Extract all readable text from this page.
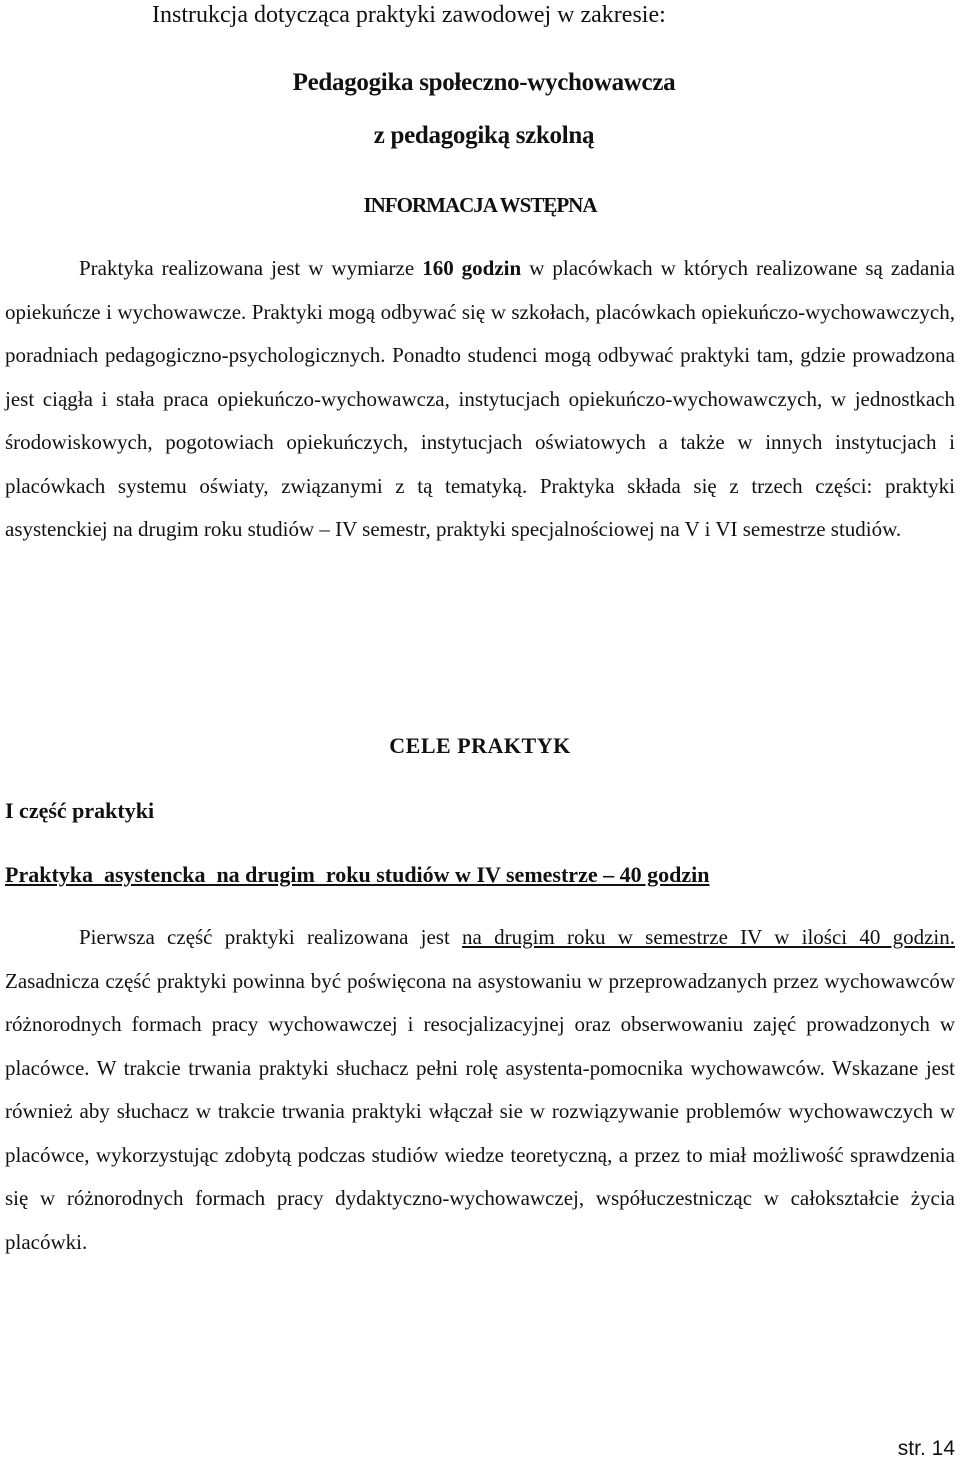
Instrukcja dotycząca praktyki zawodowej w zakresie:
Pedagogika społeczno-wychowawcza
z pedagogiką szkolną
INFORMACJA WSTĘPNA

Praktyka realizowana jest w wymiarze 160 godzin w placówkach w których realizowane są zadania opiekuńcze i wychowawcze. Praktyki mogą odbywać się w szkołach, placówkach opiekuńczo-wychowawczych, poradniach pedagogiczno-psychologicznych. Ponadto studenci mogą odbywać praktyki tam, gdzie prowadzona jest ciągła i stała praca opiekuńczo-wychowawcza, instytucjach opiekuńczo-wychowawczych, w jednostkach środowiskowych, pogotowiach opiekuńczych, instytucjach oświatowych a także w innych instytucjach i placówkach systemu oświaty, związanymi z tą tematyką. Praktyka składa się z trzech części: praktyki asystenckiej na drugim roku studiów – IV semestr, praktyki specjalnościowej na V i VI semestrze studiów.

CELE PRAKTYK
I część praktyki
Praktyka  asystencka  na drugim  roku studiów w IV semestrze – 40 godzin

Pierwsza część praktyki realizowana jest na drugim roku w semestrze IV w ilości 40 godzin. Zasadnicza część praktyki powinna być poświęcona na asystowaniu w przeprowadzanych przez wychowawców różnorodnych formach pracy wychowawczej i resocjalizacyjnej oraz obserwowaniu zajęć prowadzonych w placówce. W trakcie trwania praktyki słuchacz pełni rolę asystenta-pomocnika wychowawców. Wskazane jest również aby słuchacz w trakcie trwania praktyki włączał sie w rozwiązywanie problemów wychowawczych w placówce, wykorzystując zdobytą podczas studiów wiedze teoretyczną, a przez to miał możliwość sprawdzenia się w różnorodnych formach pracy dydaktyczno-wychowawczej, współuczestnicząc w całokształcie życia placówki.

str. 14
